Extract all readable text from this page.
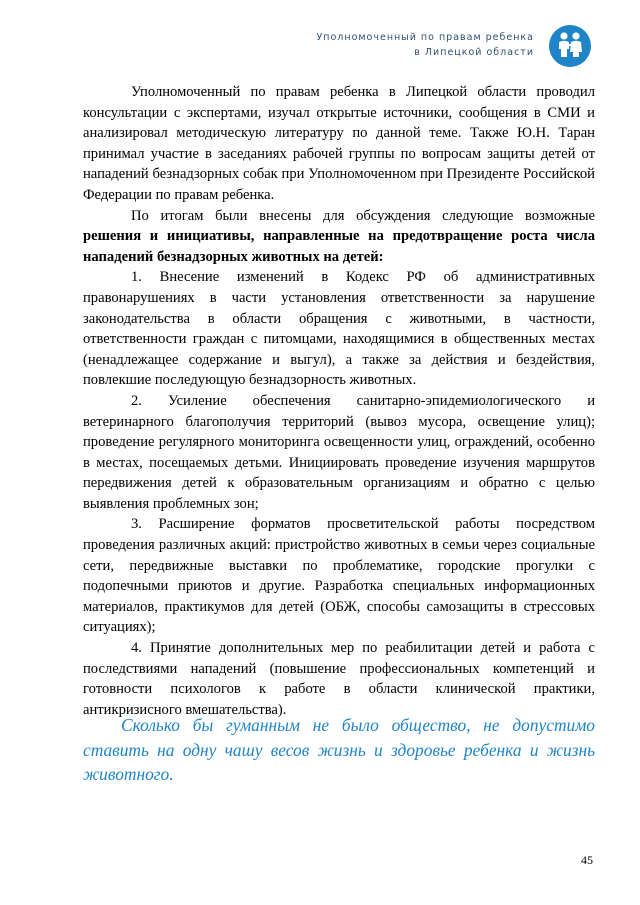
Уполномоченный по правам ребенка
в Липецкой области

Уполномоченный по правам ребенка в Липецкой области проводил консультации с экспертами, изучал открытые источники, сообщения в СМИ и анализировал методическую литературу по данной теме. Также Ю.Н. Таран принимал участие в заседаниях рабочей группы по вопросам защиты детей от нападений безнадзорных собак при Уполномоченном при Президенте Российской Федерации по правам ребенка.

По итогам были внесены для обсуждения следующие возможные решения и инициативы, направленные на предотвращение роста числа нападений безнадзорных животных на детей:

1. Внесение изменений в Кодекс РФ об административных правонарушениях в части установления ответственности за нарушение законодательства в области обращения с животными, в частности, ответственности граждан с питомцами, находящимися в общественных местах (ненадлежащее содержание и выгул), а также за действия и бездействия, повлекшие последующую безнадзорность животных.

2. Усиление обеспечения санитарно-эпидемиологического и ветеринарного благополучия территорий (вывоз мусора, освещение улиц); проведение регулярного мониторинга освещенности улиц, ограждений, особенно в местах, посещаемых детьми. Инициировать проведение изучения маршрутов передвижения детей к образовательным организациям и обратно с целью выявления проблемных зон;

3. Расширение форматов просветительской работы посредством проведения различных акций: пристройство животных в семьи через социальные сети, передвижные выставки по проблематике, городские прогулки с подопечными приютов и другие. Разработка специальных информационных материалов, практикумов для детей (ОБЖ, способы самозащиты в стрессовых ситуациях);

4. Принятие дополнительных мер по реабилитации детей и работа с последствиями нападений (повышение профессиональных компетенций и готовности психологов к работе в области клинической практики, антикризисного вмешательства).

Сколько бы гуманным не было общество, не допустимо ставить на одну чашу весов жизнь и здоровье ребенка и жизнь животного.

45
